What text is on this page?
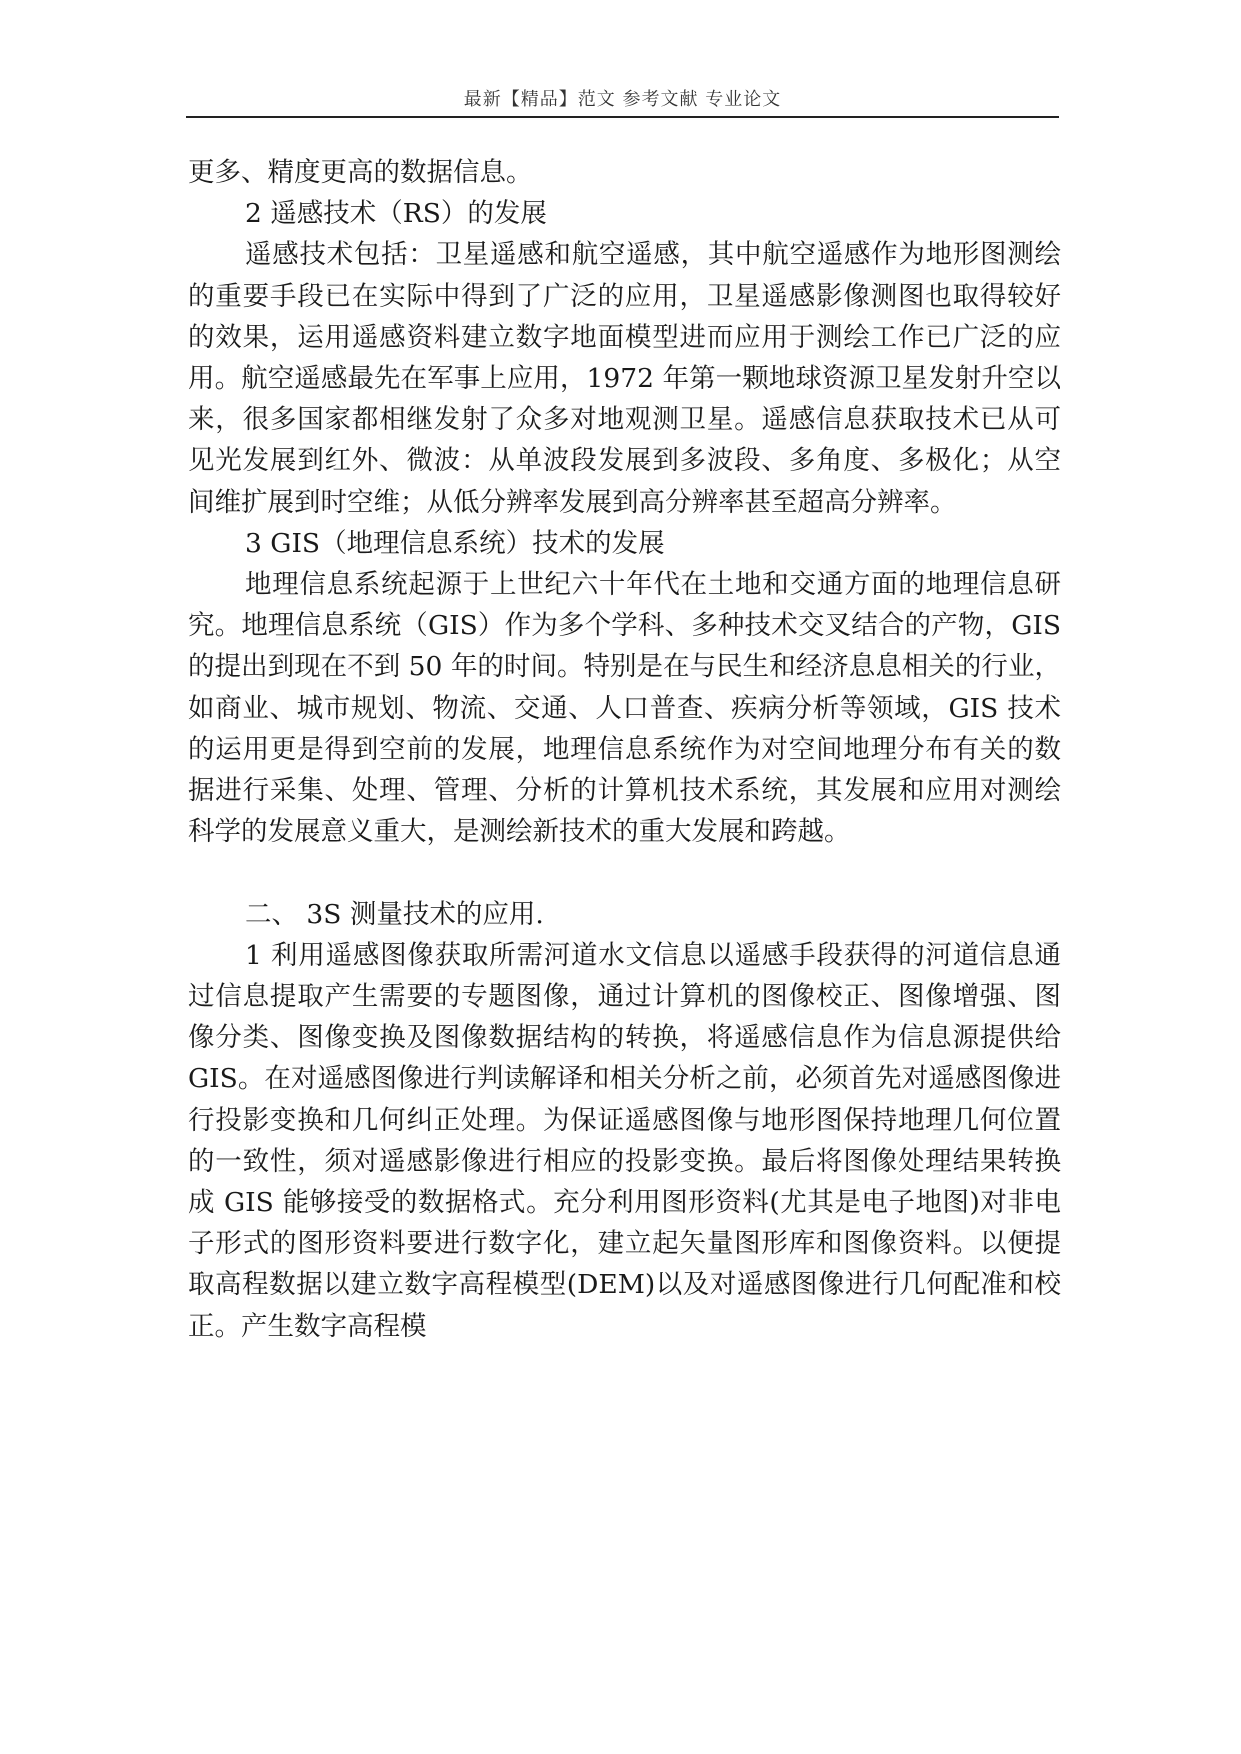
最新【精品】范文 参考文献 专业论文

更多、精度更高的数据信息。

2 遥感技术（RS）的发展

遥感技术包括：卫星遥感和航空遥感，其中航空遥感作为地形图测绘的重要手段已在实际中得到了广泛的应用，卫星遥感影像测图也取得较好的效果，运用遥感资料建立数字地面模型进而应用于测绘工作已广泛的应用。航空遥感最先在军事上应用，1972 年第一颗地球资源卫星发射升空以来，很多国家都相继发射了众多对地观测卫星。遥感信息获取技术已从可见光发展到红外、微波：从单波段发展到多波段、多角度、多极化；从空间维扩展到时空维；从低分辨率发展到高分辨率甚至超高分辨率。

3 GIS（地理信息系统）技术的发展

地理信息系统起源于上世纪六十年代在土地和交通方面的地理信息研究。地理信息系统（GIS）作为多个学科、多种技术交叉结合的产物，GIS 的提出到现在不到 50 年的时间。特别是在与民生和经济息息相关的行业，如商业、城市规划、物流、交通、人口普查、疾病分析等领域，GIS 技术的运用更是得到空前的发展，地理信息系统作为对空间地理分布有关的数据进行采集、处理、管理、分析的计算机技术系统，其发展和应用对测绘科学的发展意义重大，是测绘新技术的重大发展和跨越。

二、 3S 测量技术的应用.

1 利用遥感图像获取所需河道水文信息以遥感手段获得的河道信息通过信息提取产生需要的专题图像，通过计算机的图像校正、图像增强、图像分类、图像变换及图像数据结构的转换，将遥感信息作为信息源提供给 GIS。在对遥感图像进行判读解译和相关分析之前，必须首先对遥感图像进行投影变换和几何纠正处理。为保证遥感图像与地形图保持地理几何位置的一致性，须对遥感影像进行相应的投影变换。最后将图像处理结果转换成 GIS 能够接受的数据格式。充分利用图形资料(尤其是电子地图)对非电子形式的图形资料要进行数字化，建立起矢量图形库和图像资料。以便提取高程数据以建立数字高程模型(DEM)以及对遥感图像进行几何配准和校正。产生数字高程模
